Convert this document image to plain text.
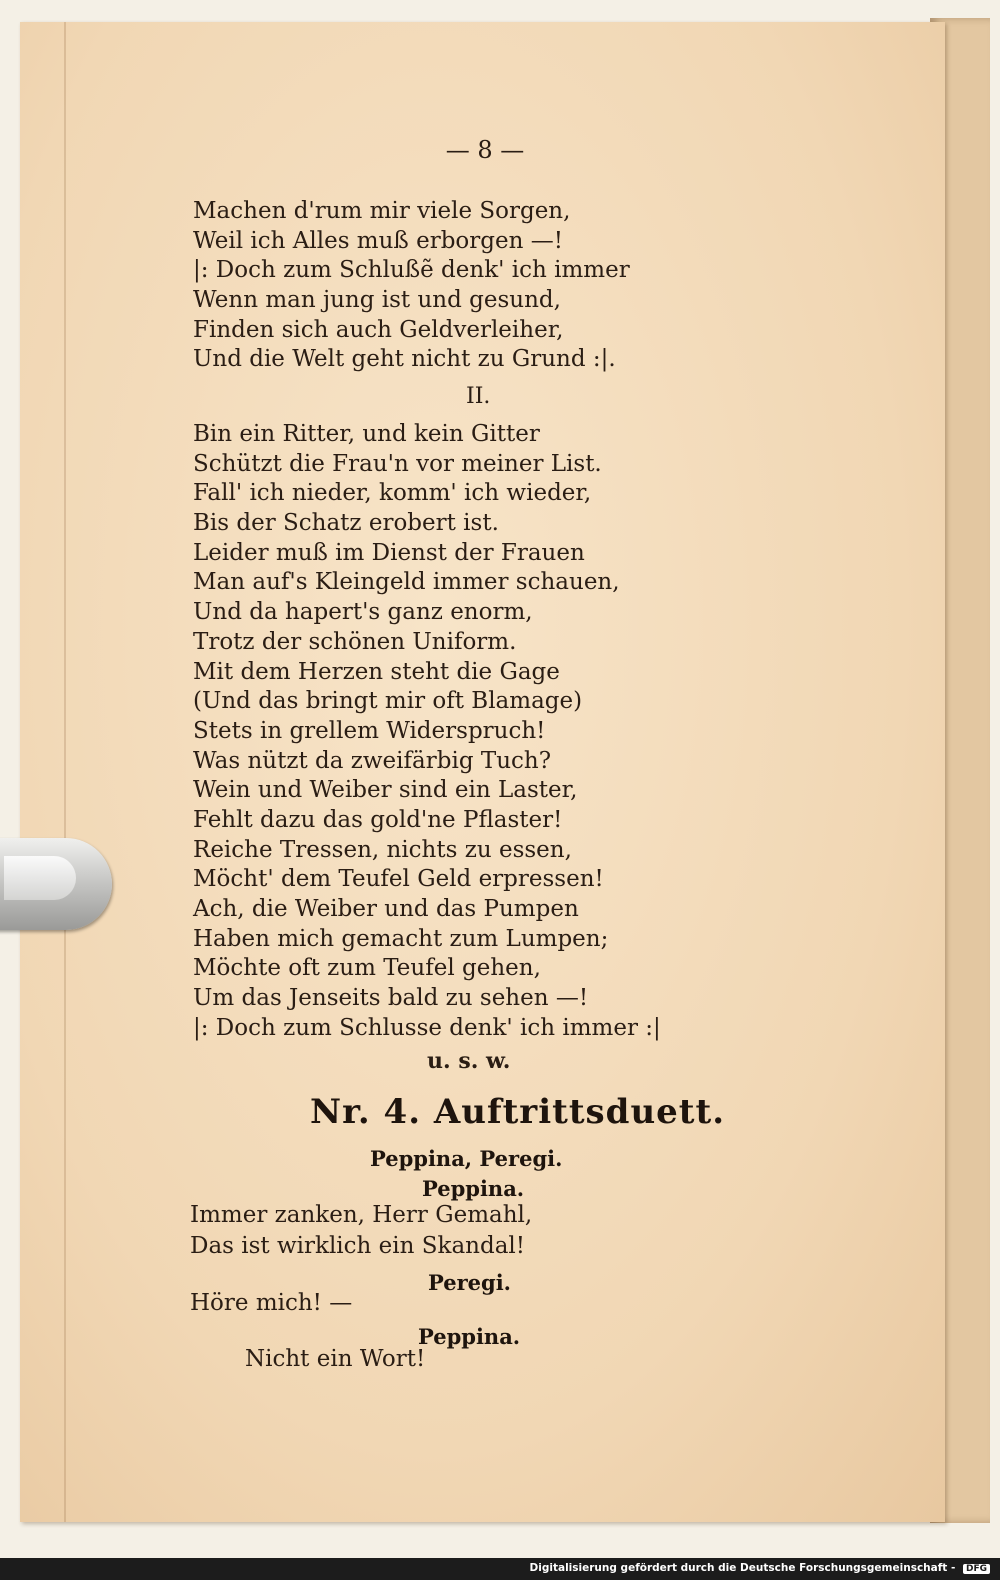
— 8 —
Machen d'rum mir viele Sorgen,
Weil ich Alles muß erborgen —!
|: Doch zum Schlußẽ denk' ich immer
Wenn man jung ist und gesund,
Finden sich auch Geldverleiher,
Und die Welt geht nicht zu Grund :|.
II.
Bin ein Ritter, und kein Gitter
Schützt die Frau'n vor meiner List.
Fall' ich nieder, komm' ich wieder,
Bis der Schatz erobert ist.
Leider muß im Dienst der Frauen
Man auf's Kleingeld immer schauen,
Und da hapert's ganz enorm,
Trotz der schönen Uniform.
Mit dem Herzen steht die Gage
(Und das bringt mir oft Blamage)
Stets in grellem Widerspruch!
Was nützt da zweifärbig Tuch?
Wein und Weiber sind ein Laster,
Fehlt dazu das gold'ne Pflaster!
Reiche Tressen, nichts zu essen,
Möcht' dem Teufel Geld erpressen!
Ach, die Weiber und das Pumpen
Haben mich gemacht zum Lumpen;
Möchte oft zum Teufel gehen,
Um das Jenseits bald zu sehen —!
|: Doch zum Schlusse denk' ich immer :|
u. s. w.
Nr. 4. Auftrittsduett.
Peppina, Peregi.
Peppina.
Immer zanken, Herr Gemahl,
Das ist wirklich ein Skandal!
Peregi.
Höre mich! —
Peppina.
Nicht ein Wort!
Digitalisierung gefördert durch die Deutsche Forschungsgemeinschaft - DFG
